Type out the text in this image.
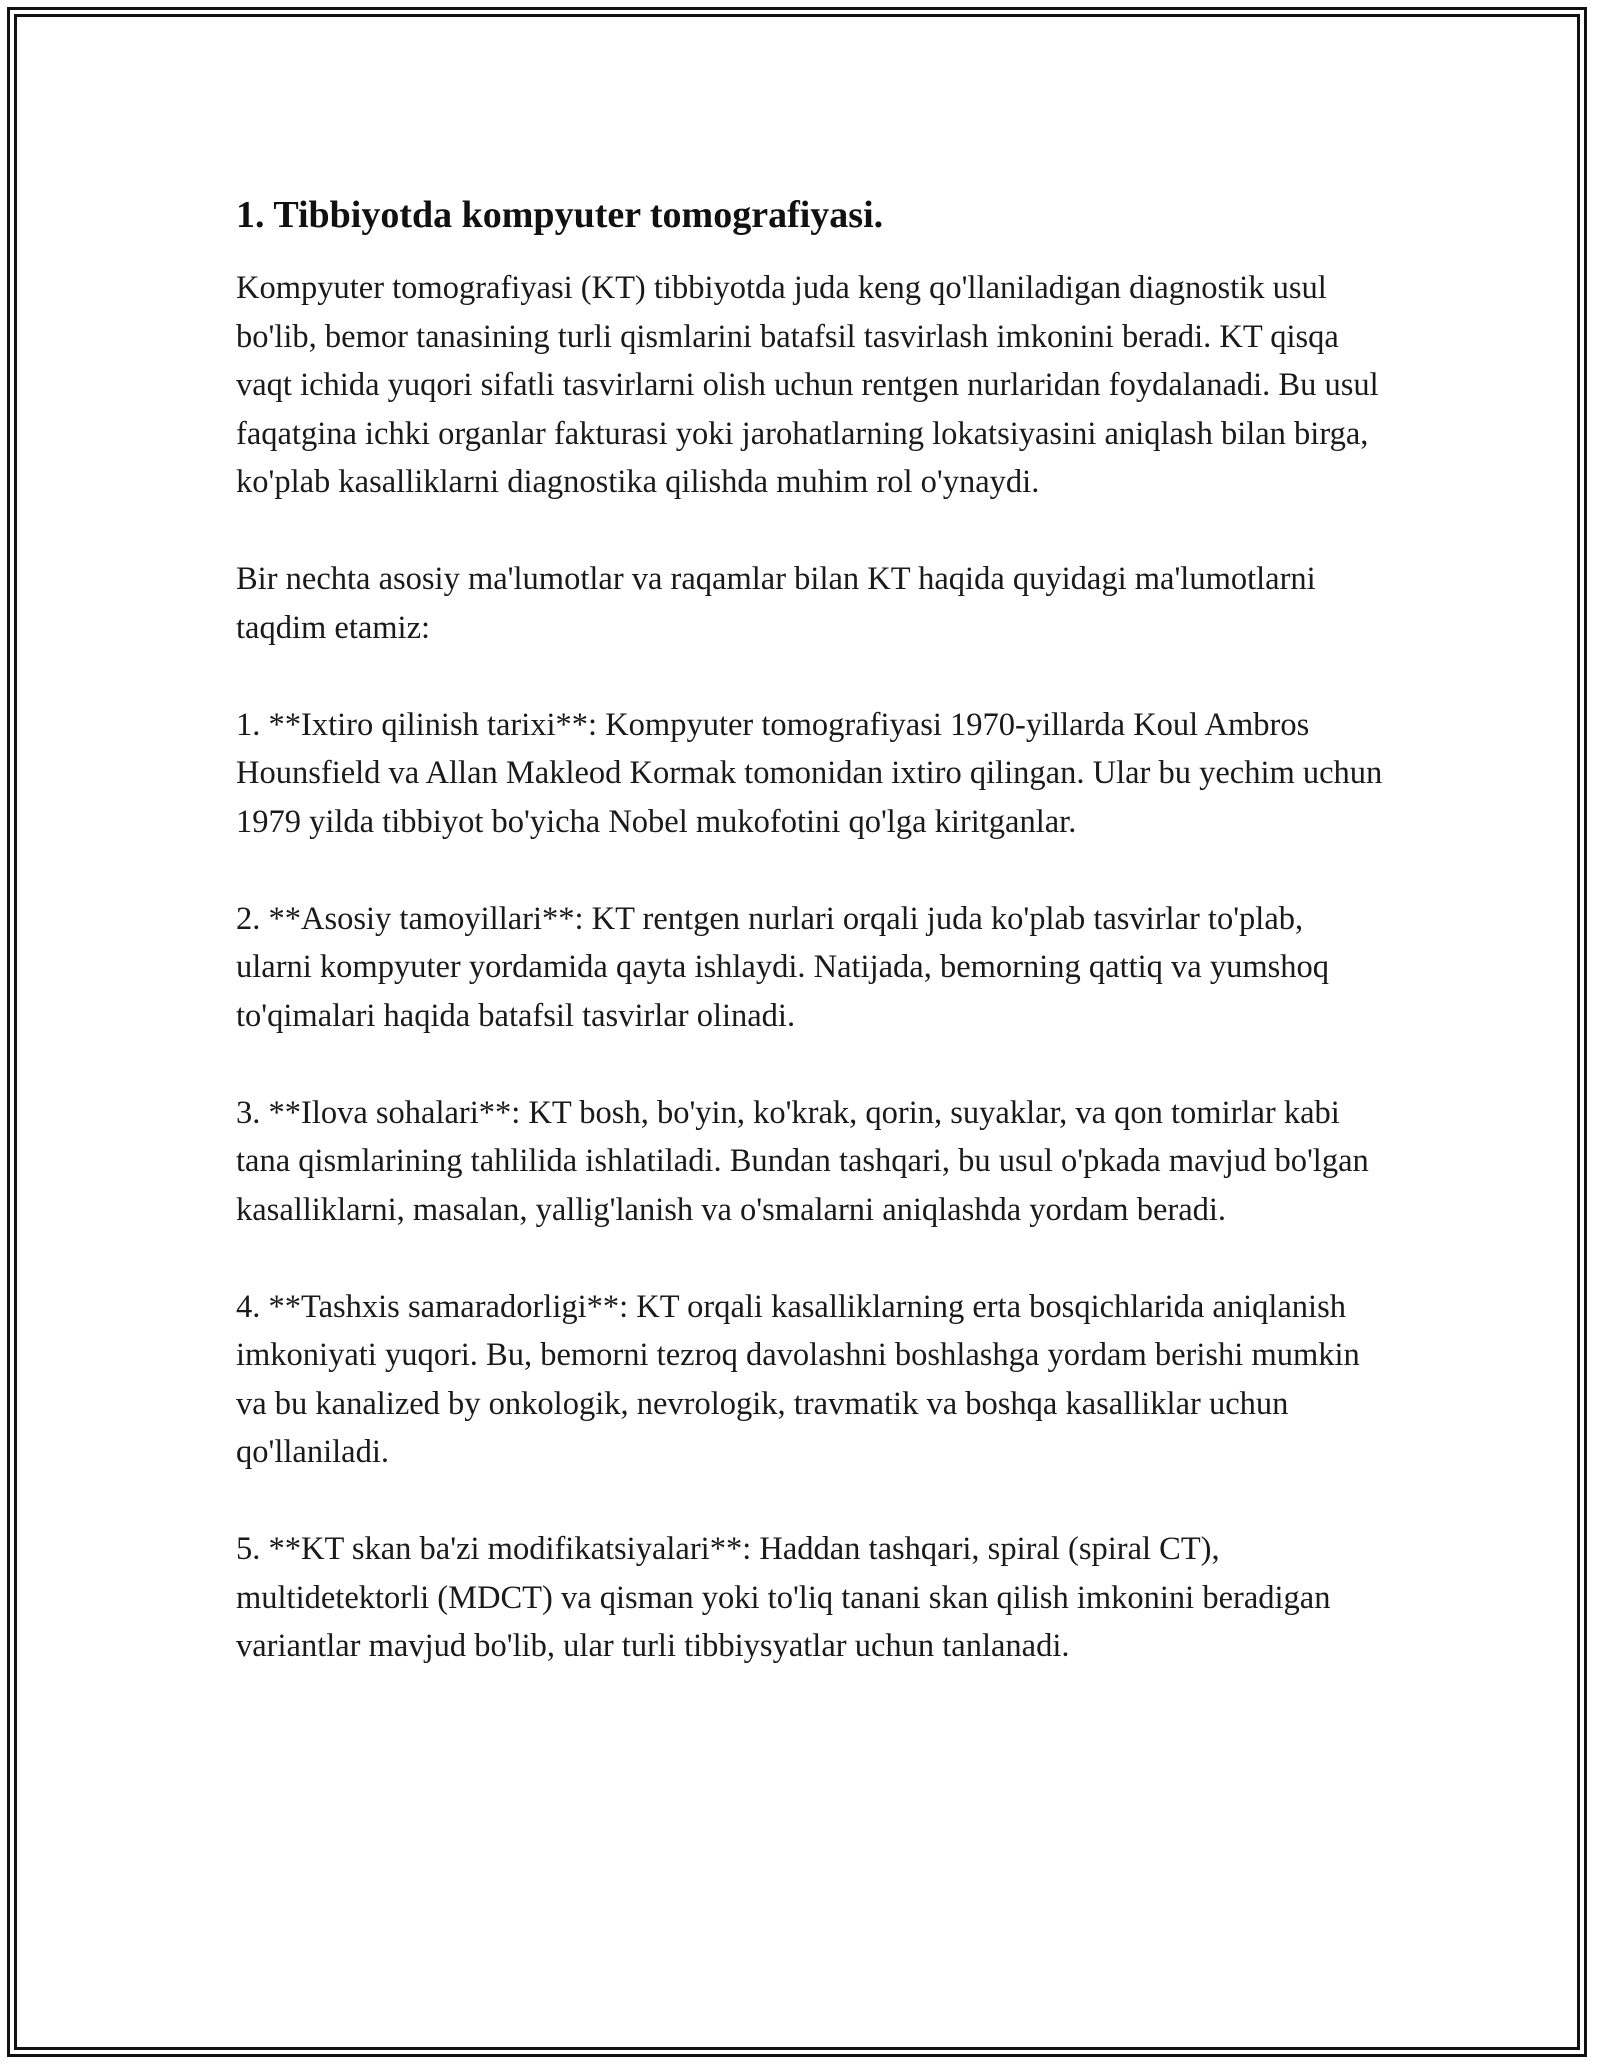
1. Tibbiyotda kompyuter tomografiyasi.

Kompyuter tomografiyasi (KT) tibbiyotda juda keng qo'llaniladigan diagnostik usul bo'lib, bemor tanasining turli qismlarini batafsil tasvirlash imkonini beradi. KT qisqa vaqt ichida yuqori sifatli tasvirlarni olish uchun rentgen nurlaridan foydalanadi. Bu usul faqatgina ichki organlar fakturasi yoki jarohatlarning lokatsiyasini aniqlash bilan birga, ko'plab kasalliklarni diagnostika qilishda muhim rol o'ynaydi.

Bir nechta asosiy ma'lumotlar va raqamlar bilan KT haqida quyidagi ma'lumotlarni taqdim etamiz:

1. **Ixtiro qilinish tarixi**: Kompyuter tomografiyasi 1970-yillarda Koul Ambros Hounsfield va Allan Makleod Kormak tomonidan ixtiro qilingan. Ular bu yechim uchun 1979 yilda tibbiyot bo'yicha Nobel mukofotini qo'lga kiritganlar.

2. **Asosiy tamoyillari**: KT rentgen nurlari orqali juda ko'plab tasvirlar to'plab, ularni kompyuter yordamida qayta ishlaydi. Natijada, bemorning qattiq va yumshoq to'qimalari haqida batafsil tasvirlar olinadi.

3. **Ilova sohalari**: KT bosh, bo'yin, ko'krak, qorin, suyaklar, va qon tomirlar kabi tana qismlarining tahlilida ishlatiladi. Bundan tashqari, bu usul o'pkada mavjud bo'lgan kasalliklarni, masalan, yallig'lanish va o'smalarni aniqlashda yordam beradi.

4. **Tashxis samaradorligi**: KT orqali kasalliklarning erta bosqichlarida aniqlanish imkoniyati yuqori. Bu, bemorni tezroq davolashni boshlashga yordam berishi mumkin va bu kanalized by onkologik, nevrologik, travmatik va boshqa kasalliklar uchun qo'llaniladi.

5. **KT skan ba'zi modifikatsiyalari**: Haddan tashqari, spiral (spiral CT), multidetektorli (MDCT) va qisman yoki to'liq tanani skan qilish imkonini beradigan variantlar mavjud bo'lib, ular turli tibbiysyatlar uchun tanlanadi.
